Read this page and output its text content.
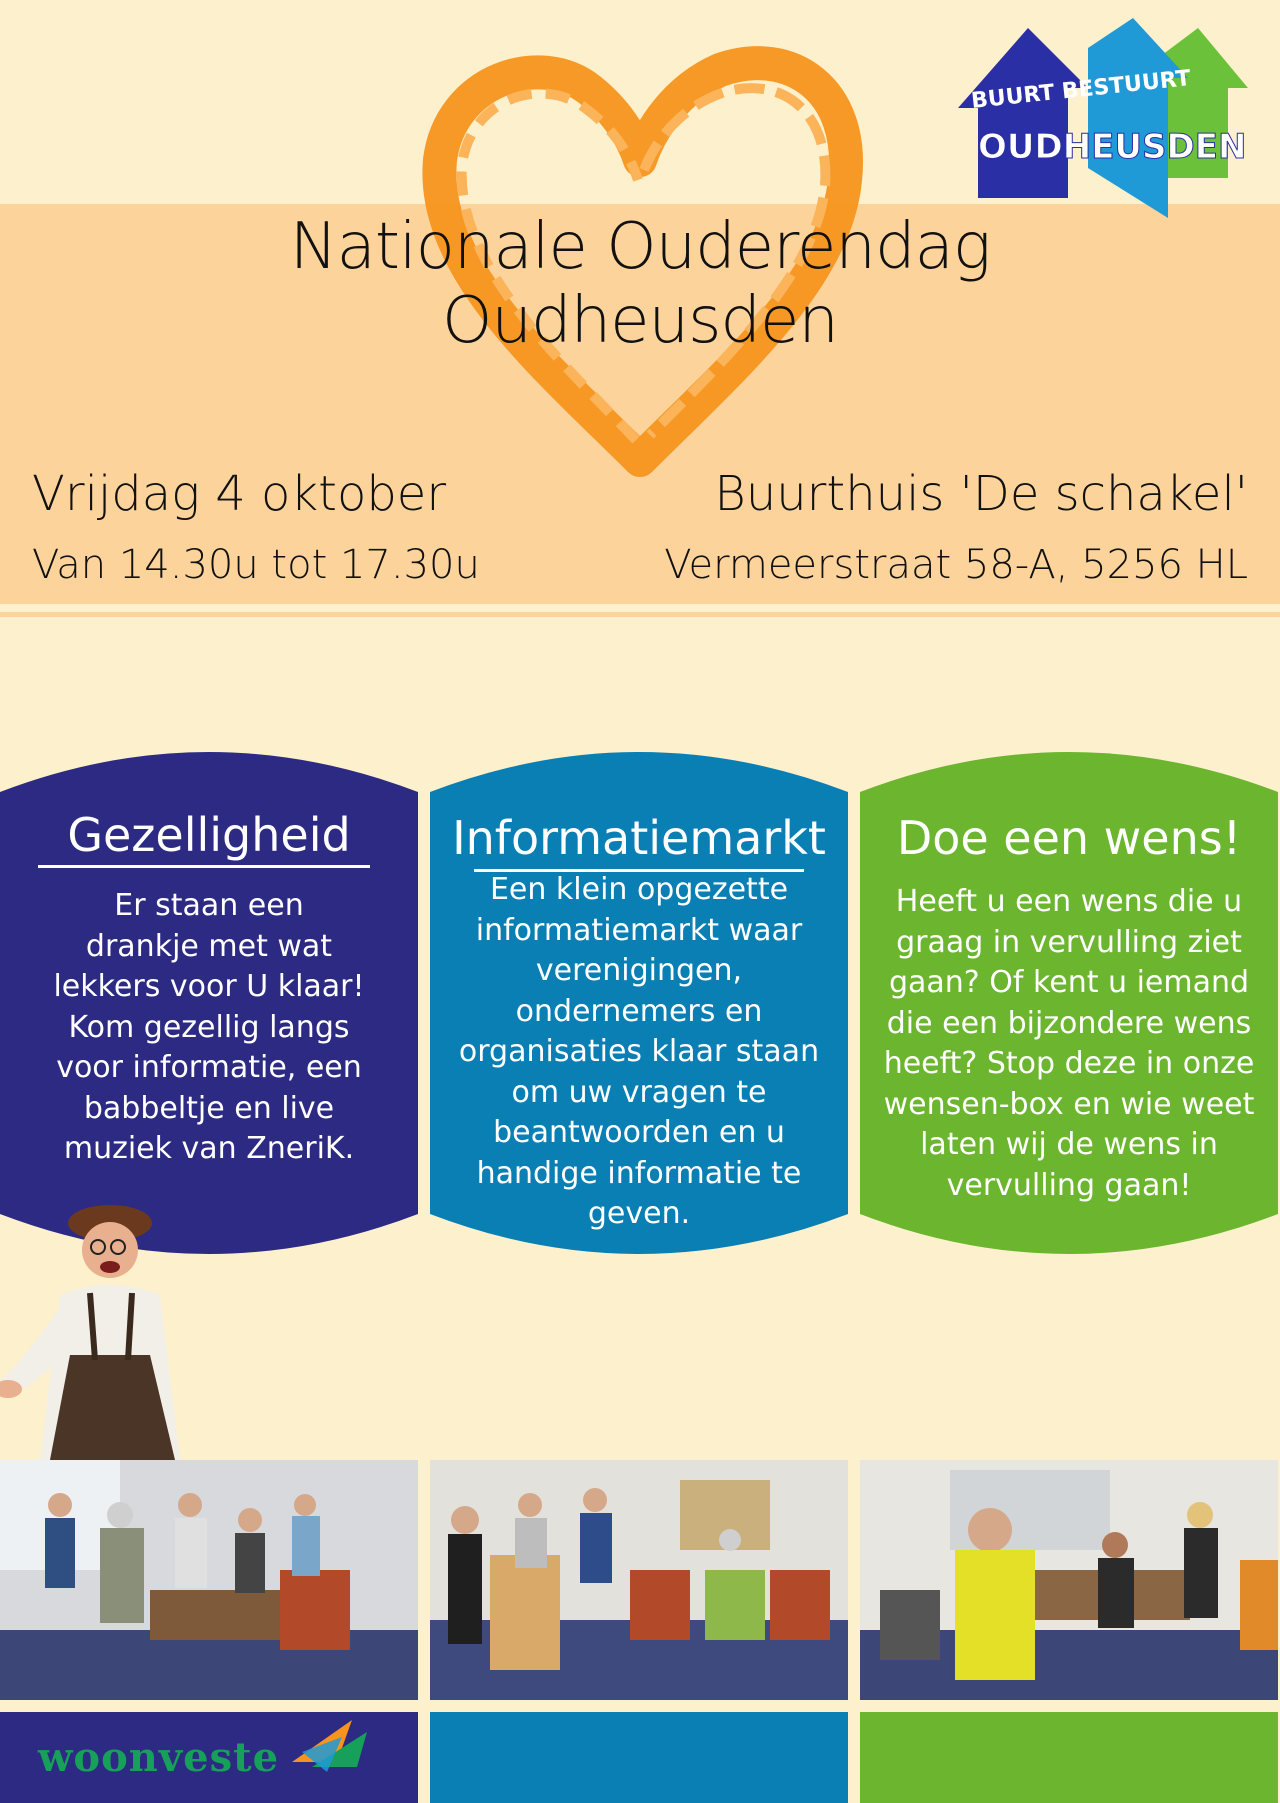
Nationale Ouderendag
Oudheusden
Vrijdag 4 oktober
Van 14.30u tot 17.30u
Buurthuis 'De schakel'
Vermeerstraat 58-A, 5256 HL
BUURT BESTUURT
OUDHEUSDEN
Gezelligheid
Er staan een
drankje met wat
lekkers voor U klaar!
Kom gezellig langs
voor informatie, een
babbeltje en live
muziek van ZneriK.
Informatiemarkt
Een klein opgezette
informatiemarkt waar
verenigingen,
ondernemers en
organisaties klaar staan
om uw vragen te
beantwoorden en u
handige informatie te
geven.
Doe een wens!
Heeft u een wens die u
graag in vervulling ziet
gaan? Of kent u iemand
die een bijzondere wens
heeft? Stop deze in onze
wensen-box en wie weet
laten wij de wens in
vervulling gaan!
woonveste
